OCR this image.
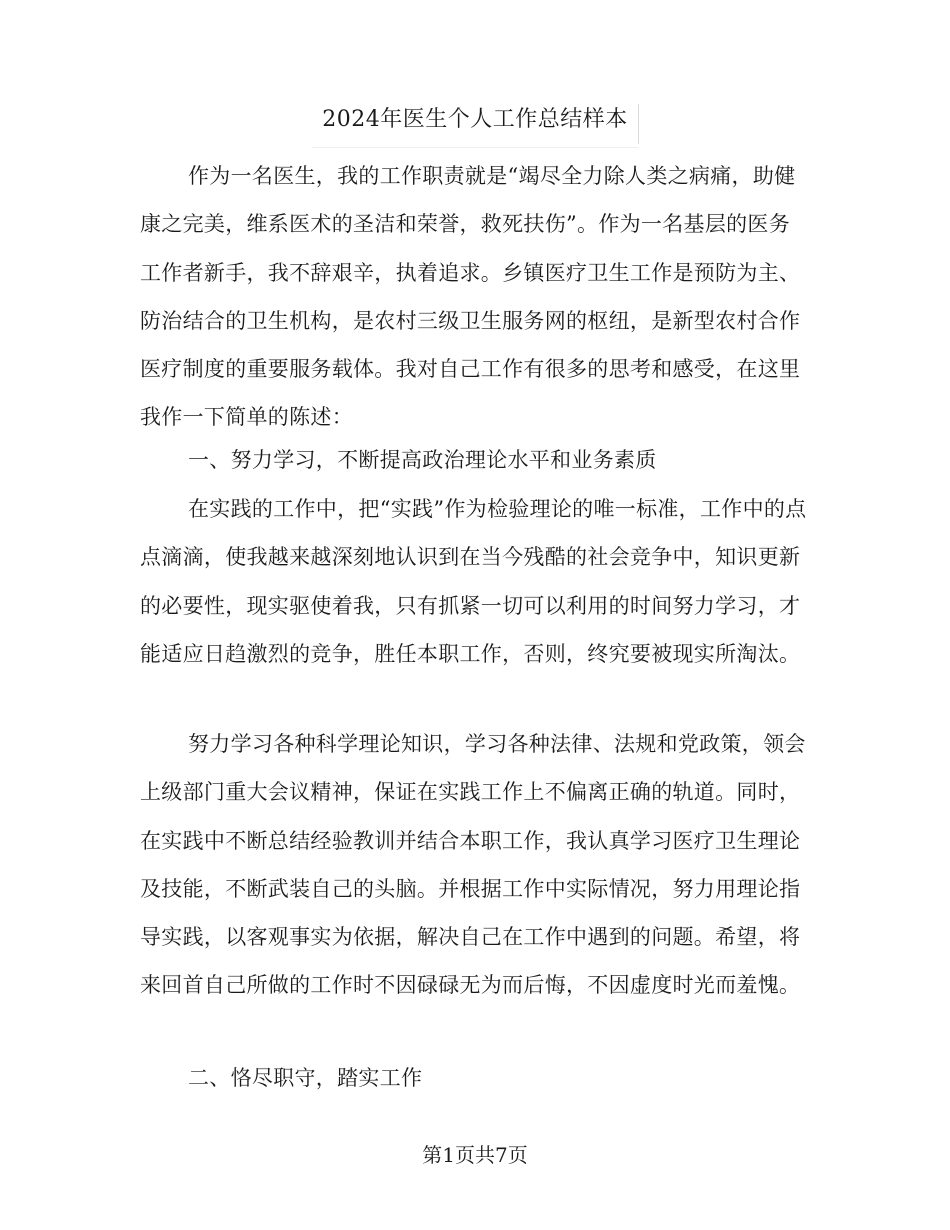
2024年医生个人工作总结样本

作为一名医生，我的工作职责就是“竭尽全力除人类之病痛，助健康之完美，维系医术的圣洁和荣誉，救死扶伤”。作为一名基层的医务工作者新手，我不辞艰辛，执着追求。乡镇医疗卫生工作是预防为主、防治结合的卫生机构，是农村三级卫生服务网的枢纽，是新型农村合作医疗制度的重要服务载体。我对自己工作有很多的思考和感受，在这里我作一下简单的陈述：

一、努力学习，不断提高政治理论水平和业务素质

在实践的工作中，把“实践”作为检验理论的唯一标准，工作中的点点滴滴，使我越来越深刻地认识到在当今残酷的社会竞争中，知识更新的必要性，现实驱使着我，只有抓紧一切可以利用的时间努力学习，才能适应日趋激烈的竞争，胜任本职工作，否则，终究要被现实所淘汰。

努力学习各种科学理论知识，学习各种法律、法规和党政策，领会上级部门重大会议精神，保证在实践工作上不偏离正确的轨道。同时，在实践中不断总结经验教训并结合本职工作，我认真学习医疗卫生理论及技能，不断武装自己的头脑。并根据工作中实际情况，努力用理论指导实践，以客观事实为依据，解决自己在工作中遇到的问题。希望，将来回首自己所做的工作时不因碌碌无为而后悔，不因虚度时光而羞愧。

二、恪尽职守，踏实工作

第1页共7页
